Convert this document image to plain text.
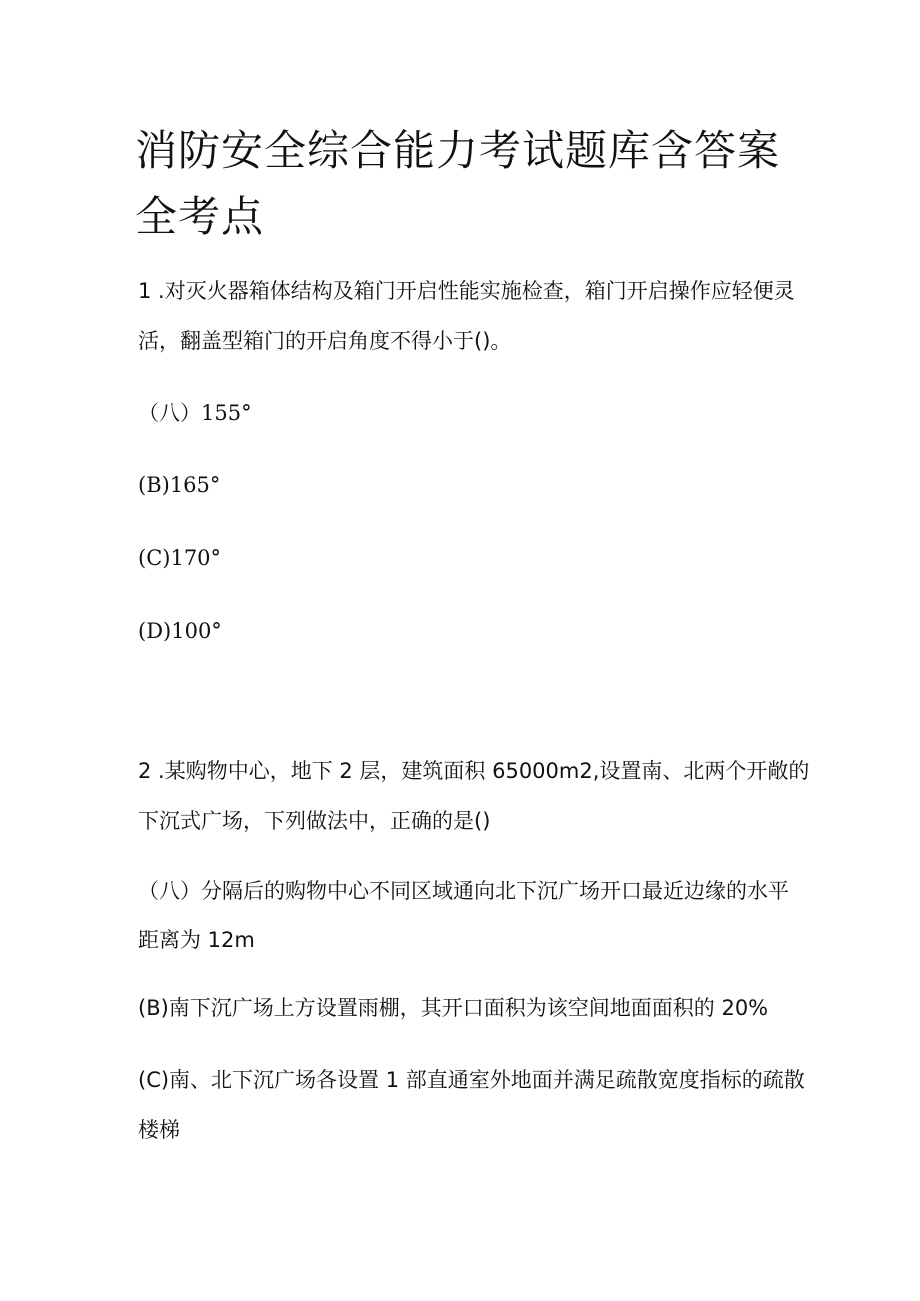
消防安全综合能力考试题库含答案全考点
1 .对灭火器箱体结构及箱门开启性能实施检查，箱门开启操作应轻便灵
活，翻盖型箱门的开启角度不得小于()。
（八）155°
(B)165°
(C)170°
(D)100°
2 .某购物中心，地下 2 层，建筑面积 65000m2,设置南、北两个开敞的
下沉式广场，下列做法中，正确的是()
（八）分隔后的购物中心不同区域通向北下沉广场开口最近边缘的水平
距离为 12m
(B)南下沉广场上方设置雨棚，其开口面积为该空间地面面积的 20%
(C)南、北下沉广场各设置 1 部直通室外地面并满足疏散宽度指标的疏散
楼梯
